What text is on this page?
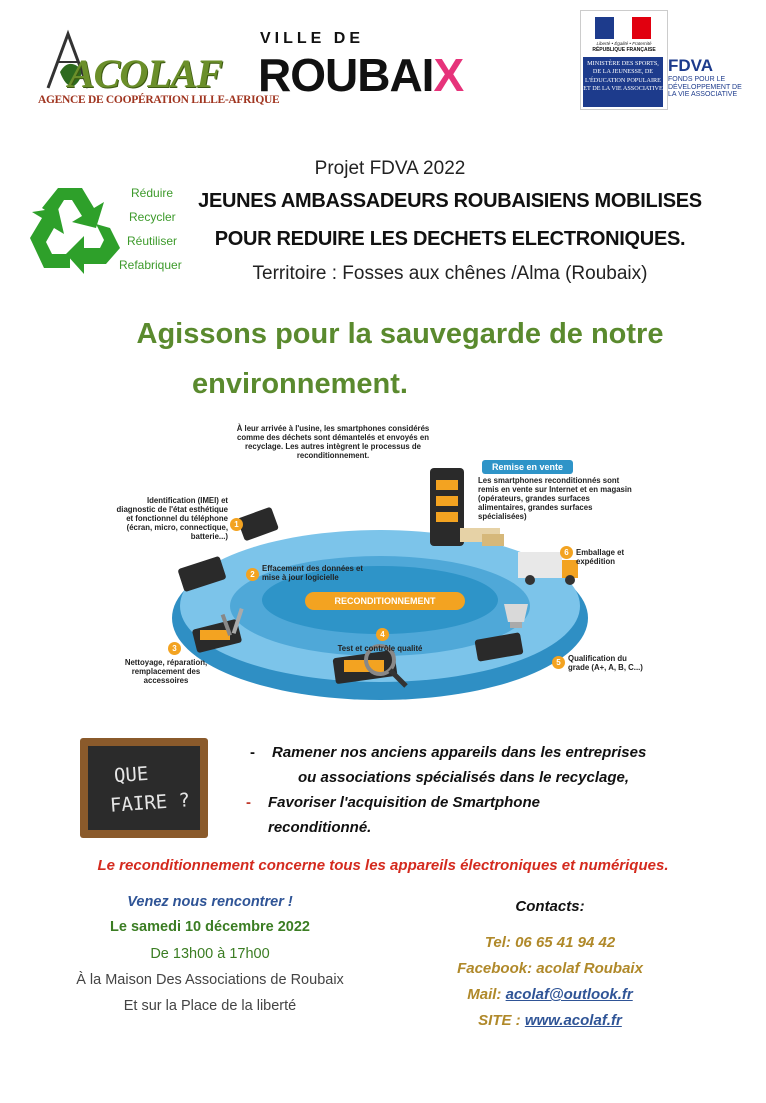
ACOLAF
AGENCE DE COOPÉRATION LILLE-AFRIQUE
VILLE DE
ROUBAIX
Liberté • Égalité • Fraternité
RÉPUBLIQUE FRANÇAISE
MINISTÈRE DES SPORTS, DE LA JEUNESSE, DE L'ÉDUCATION POPULAIRE ET DE LA VIE ASSOCIATIVE
FDVA
FONDS POUR LE DÉVELOPPEMENT DE LA VIE ASSOCIATIVE
Réduire
Recycler
Réutiliser
Refabriquer
Projet FDVA 2022
JEUNES AMBASSADEURS ROUBAISIENS MOBILISES
POUR REDUIRE LES DECHETS ELECTRONIQUES.
Territoire : Fosses aux chênes /Alma (Roubaix)
Agissons pour la sauvegarde de notre
environnement.
À leur arrivée à l'usine, les smartphones considérés comme des déchets sont démantelés et envoyés en recyclage. Les autres intègrent le processus de reconditionnement.
Remise en vente
Les smartphones reconditionnés sont remis en vente sur Internet et en magasin (opérateurs, grandes surfaces alimentaires, grandes surfaces spécialisées)
1
Identification (IMEI) et diagnostic de l'état esthétique et fonctionnel du téléphone (écran, micro, connectique, batterie...)
2
Effacement des données et mise à jour logicielle
3
Nettoyage, réparation, remplacement des accessoires
4
Test et contrôle qualité
5 Qualification du grade (A+, A, B, C...)
6 Emballage et expédition
RECONDITIONNEMENT
QUE
FAIRE ?
- Ramener nos anciens appareils dans les entreprises
ou associations spécialisés dans le recyclage,
- Favoriser l'acquisition de Smartphone
reconditionné.
Le reconditionnement concerne tous les appareils électroniques et numériques.
Venez nous rencontrer !
Le samedi 10 décembre 2022
De 13h00 à 17h00
À la Maison Des Associations de Roubaix
Et sur la Place de la liberté
Contacts:
Tel: 06 65 41 94 42
Facebook: acolaf Roubaix
Mail: acolaf@outlook.fr
SITE : www.acolaf.fr
